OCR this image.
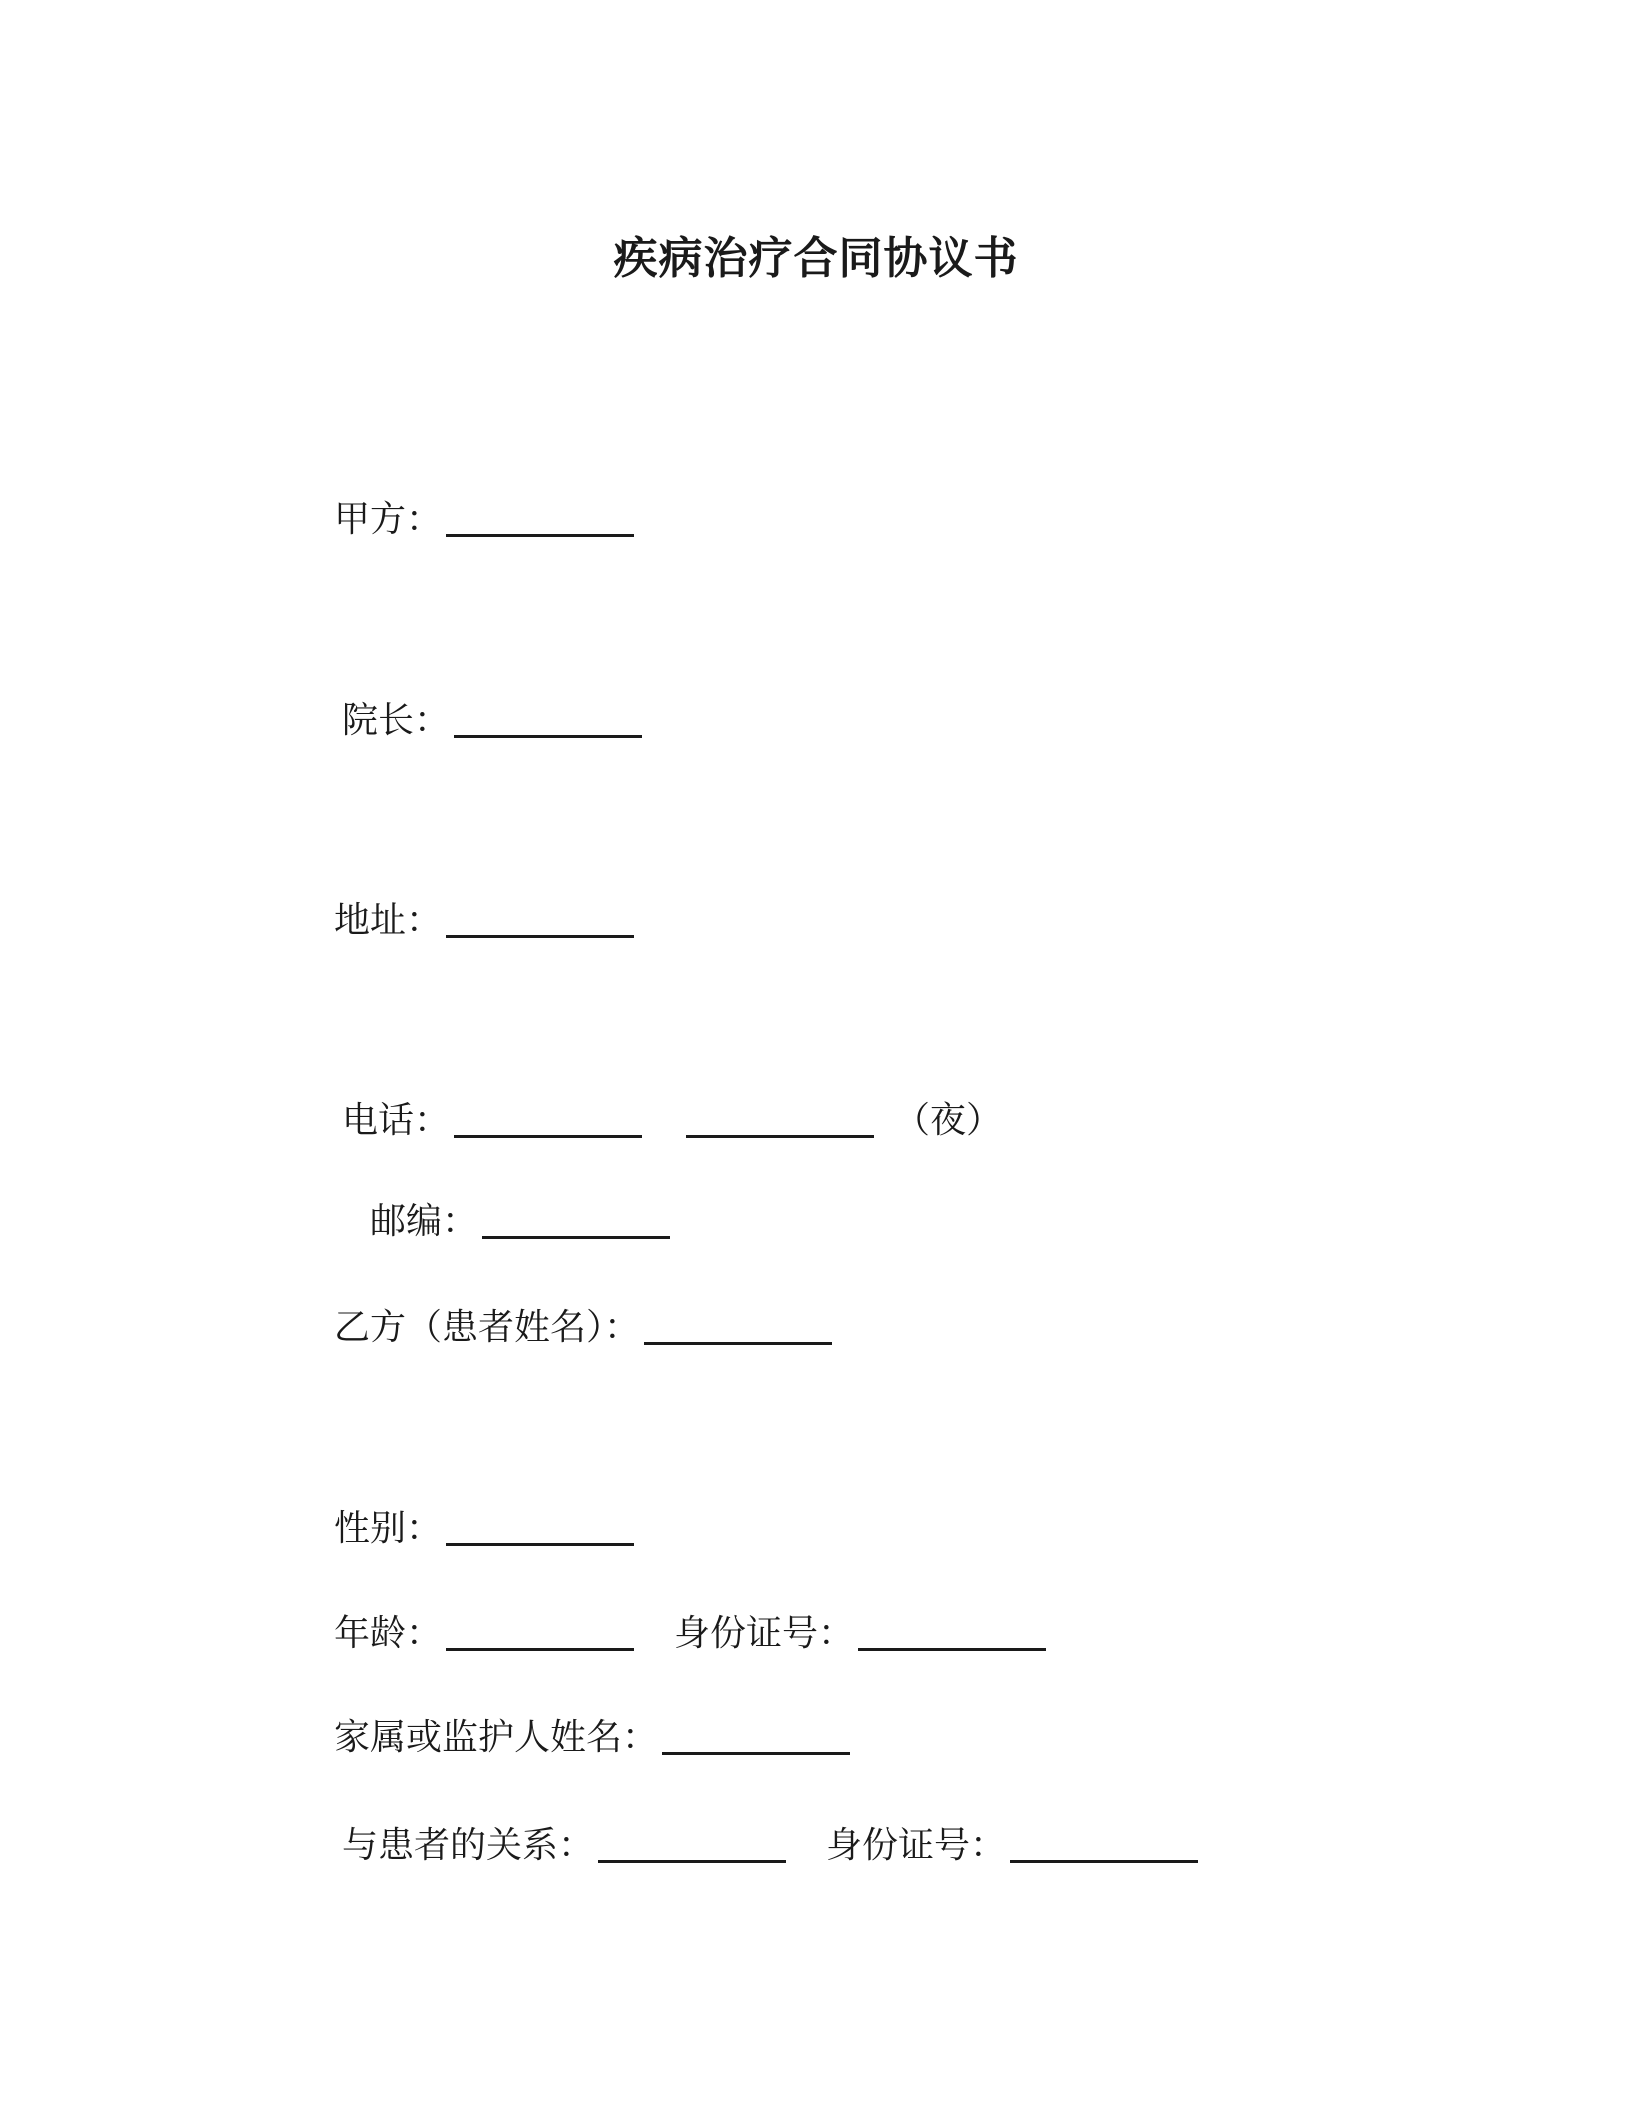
疾病治疗合同协议书
甲方：
院长：
地址：
电话：	（夜）
邮编：
乙方（患者姓名）：
性别：
年龄：	身份证号：
家属或监护人姓名：
与患者的关系：	身份证号：
